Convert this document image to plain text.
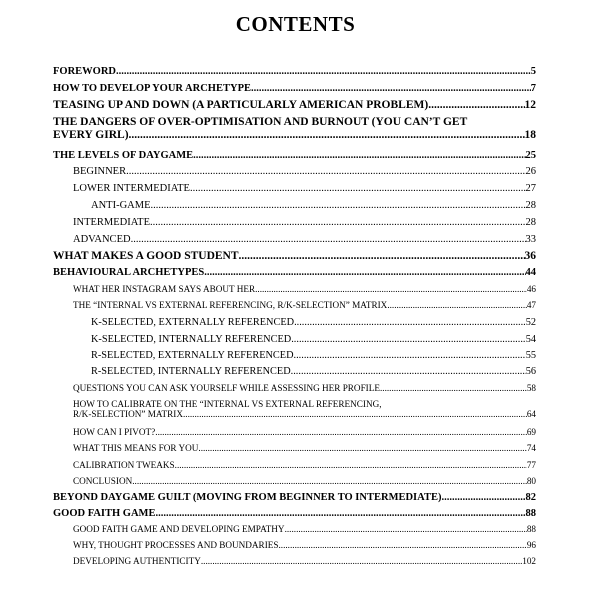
CONTENTS
FOREWORD .....	5
HOW TO DEVELOP YOUR ARCHETYPE .....	7
TEASING UP AND DOWN (A PARTICULARLY AMERICAN PROBLEM) .....	12
THE DANGERS OF OVER-OPTIMISATION AND BURNOUT (YOU CAN’T GET
EVERY GIRL) .....	18
THE LEVELS OF DAYGAME .....	25
BEGINNER .....	26
LOWER INTERMEDIATE .....	27
ANTI-GAME .....	28
INTERMEDIATE .....	28
ADVANCED .....	33
WHAT MAKES A GOOD STUDENT .....	36
BEHAVIOURAL ARCHETYPES .....	44
WHAT HER INSTAGRAM SAYS ABOUT HER .....	46
THE “INTERNAL VS EXTERNAL REFERENCING, R/K-SELECTION” MATRIX .....	47
K-SELECTED, EXTERNALLY REFERENCED .....	52
K-SELECTED, INTERNALLY REFERENCED .....	54
R-SELECTED, EXTERNALLY REFERENCED .....	55
R-SELECTED, INTERNALLY REFERENCED .....	56
QUESTIONS YOU CAN ASK YOURSELF WHILE ASSESSING HER PROFILE .....	58
HOW TO CALIBRATE ON THE “INTERNAL VS EXTERNAL REFERENCING,
R/K-SELECTION” MATRIX .....	64
HOW CAN I PIVOT? .....	69
WHAT THIS MEANS FOR YOU .....	74
CALIBRATION TWEAKS .....	77
CONCLUSION .....	80
BEYOND DAYGAME GUILT (MOVING FROM BEGINNER TO INTERMEDIATE) .....	82
GOOD FAITH GAME .....	88
GOOD FAITH GAME AND DEVELOPING EMPATHY .....	88
WHY, THOUGHT PROCESSES AND BOUNDARIES .....	96
DEVELOPING AUTHENTICITY .....	102
